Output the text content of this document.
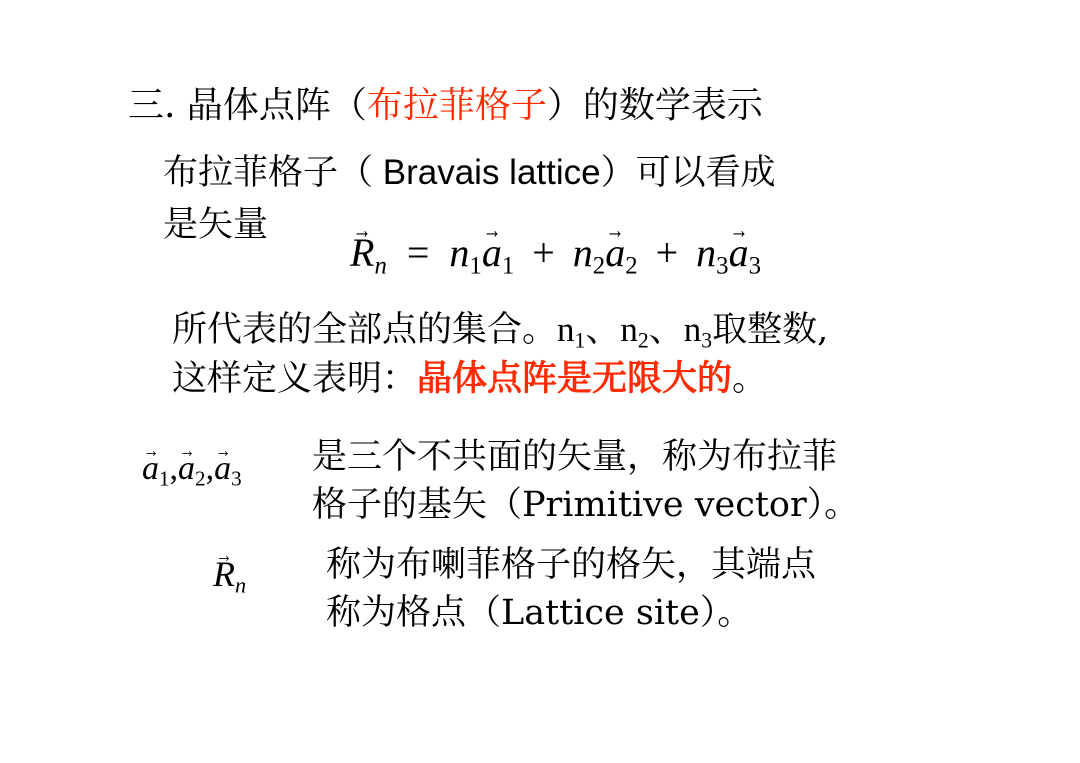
三. 晶体点阵（布拉菲格子）的数学表示
布拉菲格子（ Bravais lattice）可以看成
是矢量
→ $R_n = n_1\to a_1 + n_2\to a_2 + n_3\to a_3$
所代表的全部点的集合。$n_1$、$n_2$、$n_3$取整数,
这样定义表明：晶体点阵是无限大的。
→ $a_1,\to a_2,\to a_3$
是三个不共面的矢量，称为布拉菲
格子的基矢（Primitive vector）。
→ $R_n$
称为布喇菲格子的格矢，其端点
称为格点（Lattice site）。
